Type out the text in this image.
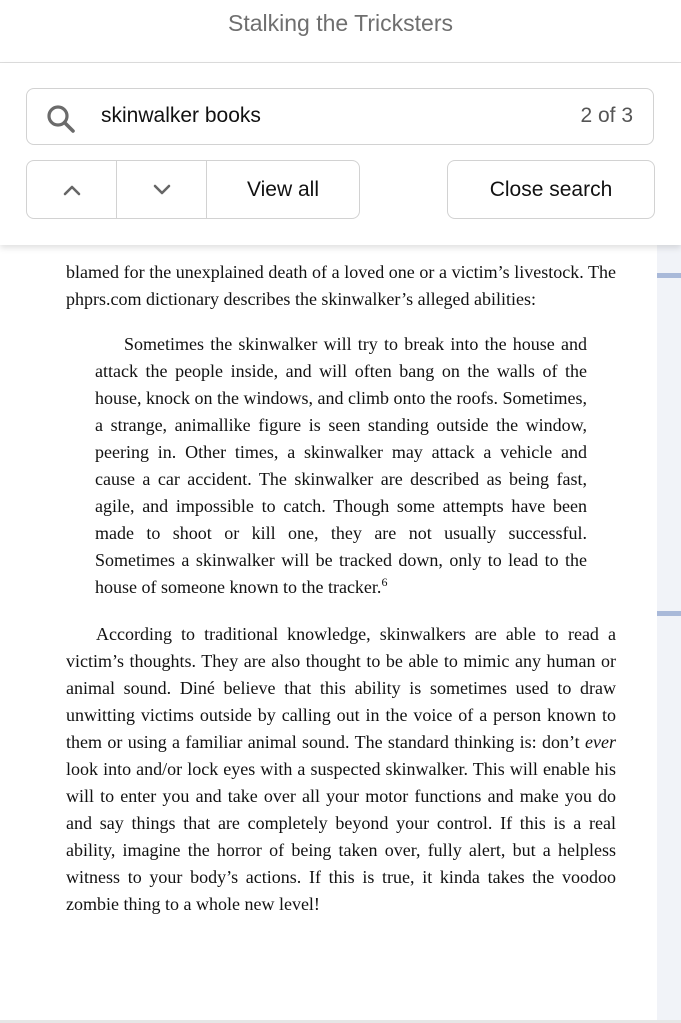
Stalking the Tricksters
skinwalker books	2 of 3
View all	Close search

blamed for the unexplained death of a loved one or a victim’s livestock. The phprs.com dictionary describes the skinwalker’s alleged abilities:

Sometimes the skinwalker will try to break into the house and attack the people inside, and will often bang on the walls of the house, knock on the windows, and climb onto the roofs. Sometimes, a strange, animallike figure is seen standing outside the window, peering in. Other times, a skinwalker may attack a vehicle and cause a car accident. The skinwalker are described as being fast, agile, and impossible to catch. Though some attempts have been made to shoot or kill one, they are not usually successful. Sometimes a skinwalker will be tracked down, only to lead to the house of someone known to the tracker.$^6$

According to traditional knowledge, skinwalkers are able to read a victim’s thoughts. They are also thought to be able to mimic any human or animal sound. Diné believe that this ability is sometimes used to draw unwitting victims outside by calling out in the voice of a person known to them or using a familiar animal sound. The standard thinking is: don’t ever look into and/or lock eyes with a suspected skinwalker. This will enable his will to enter you and take over all your motor functions and make you do and say things that are completely beyond your control. If this is a real ability, imagine the horror of being taken over, fully alert, but a helpless witness to your body’s actions. If this is true, it kinda takes the voodoo zombie thing to a whole new level!
